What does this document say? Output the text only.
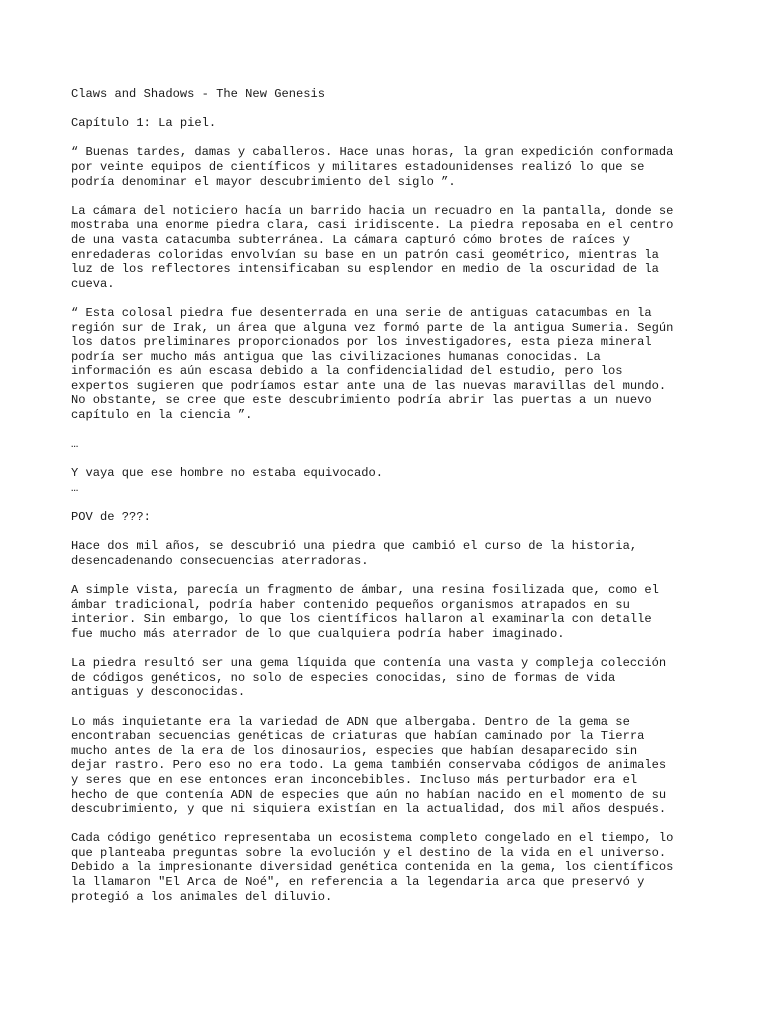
Claws and Shadows - The New Genesis

Capítulo 1: La piel.

“ Buenas tardes, damas y caballeros. Hace unas horas, la gran expedición conformada
por veinte equipos de científicos y militares estadounidenses realizó lo que se
podría denominar el mayor descubrimiento del siglo ”.

La cámara del noticiero hacía un barrido hacia un recuadro en la pantalla, donde se
mostraba una enorme piedra clara, casi iridiscente. La piedra reposaba en el centro
de una vasta catacumba subterránea. La cámara capturó cómo brotes de raíces y
enredaderas coloridas envolvían su base en un patrón casi geométrico, mientras la
luz de los reflectores intensificaban su esplendor en medio de la oscuridad de la
cueva.

“ Esta colosal piedra fue desenterrada en una serie de antiguas catacumbas en la
región sur de Irak, un área que alguna vez formó parte de la antigua Sumeria. Según
los datos preliminares proporcionados por los investigadores, esta pieza mineral
podría ser mucho más antigua que las civilizaciones humanas conocidas. La
información es aún escasa debido a la confidencialidad del estudio, pero los
expertos sugieren que podríamos estar ante una de las nuevas maravillas del mundo.
No obstante, se cree que este descubrimiento podría abrir las puertas a un nuevo
capítulo en la ciencia ”.

…

Y vaya que ese hombre no estaba equivocado.
…

POV de ???:

Hace dos mil años, se descubrió una piedra que cambió el curso de la historia,
desencadenando consecuencias aterradoras.

A simple vista, parecía un fragmento de ámbar, una resina fosilizada que, como el
ámbar tradicional, podría haber contenido pequeños organismos atrapados en su
interior. Sin embargo, lo que los científicos hallaron al examinarla con detalle
fue mucho más aterrador de lo que cualquiera podría haber imaginado.

La piedra resultó ser una gema líquida que contenía una vasta y compleja colección
de códigos genéticos, no solo de especies conocidas, sino de formas de vida
antiguas y desconocidas.

Lo más inquietante era la variedad de ADN que albergaba. Dentro de la gema se
encontraban secuencias genéticas de criaturas que habían caminado por la Tierra
mucho antes de la era de los dinosaurios, especies que habían desaparecido sin
dejar rastro. Pero eso no era todo. La gema también conservaba códigos de animales
y seres que en ese entonces eran inconcebibles. Incluso más perturbador era el
hecho de que contenía ADN de especies que aún no habían nacido en el momento de su
descubrimiento, y que ni siquiera existían en la actualidad, dos mil años después.

Cada código genético representaba un ecosistema completo congelado en el tiempo, lo
que planteaba preguntas sobre la evolución y el destino de la vida en el universo.
Debido a la impresionante diversidad genética contenida en la gema, los científicos
la llamaron "El Arca de Noé", en referencia a la legendaria arca que preservó y
protegió a los animales del diluvio.
